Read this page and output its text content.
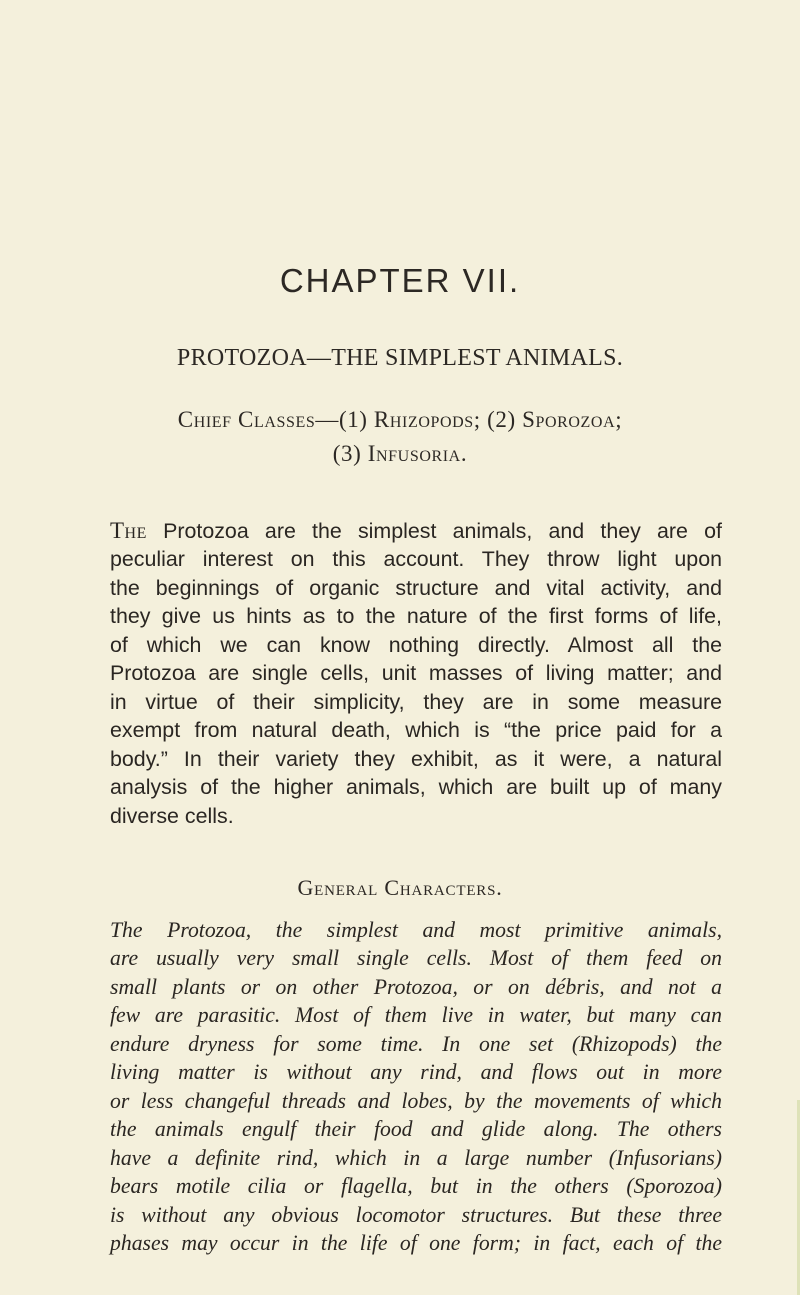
CHAPTER VII.
PROTOZOA—THE SIMPLEST ANIMALS.

Chief Classes—(1) Rhizopods; (2) Sporozoa;

(3) Infusoria.

The Protozoa are the simplest animals, and they are of
peculiar interest on this account. They throw light upon
the beginnings of organic structure and vital activity, and
they give us hints as to the nature of the first forms of life,
of which we can know nothing directly. Almost all the
Protozoa are single cells, unit masses of living matter; and
in virtue of their simplicity, they are in some measure
exempt from natural death, which is “the price paid for a
body.” In their variety they exhibit, as it were, a natural
analysis of the higher animals, which are built up of many
diverse cells.

General Characters.

The Protozoa, the simplest and most primitive animals,
are usually very small single cells. Most of them feed on
small plants or on other Protozoa, or on débris, and not a
few are parasitic. Most of them live in water, but many can
endure dryness for some time. In one set (Rhizopods) the
living matter is without any rind, and flows out in more
or less changeful threads and lobes, by the movements of which
the animals engulf their food and glide along. The others
have a definite rind, which in a large number (Infusorians)
bears motile cilia or flagella, but in the others (Sporozoa)
is without any obvious locomotor structures. But these three
phases may occur in the life of one form; in fact, each of the
